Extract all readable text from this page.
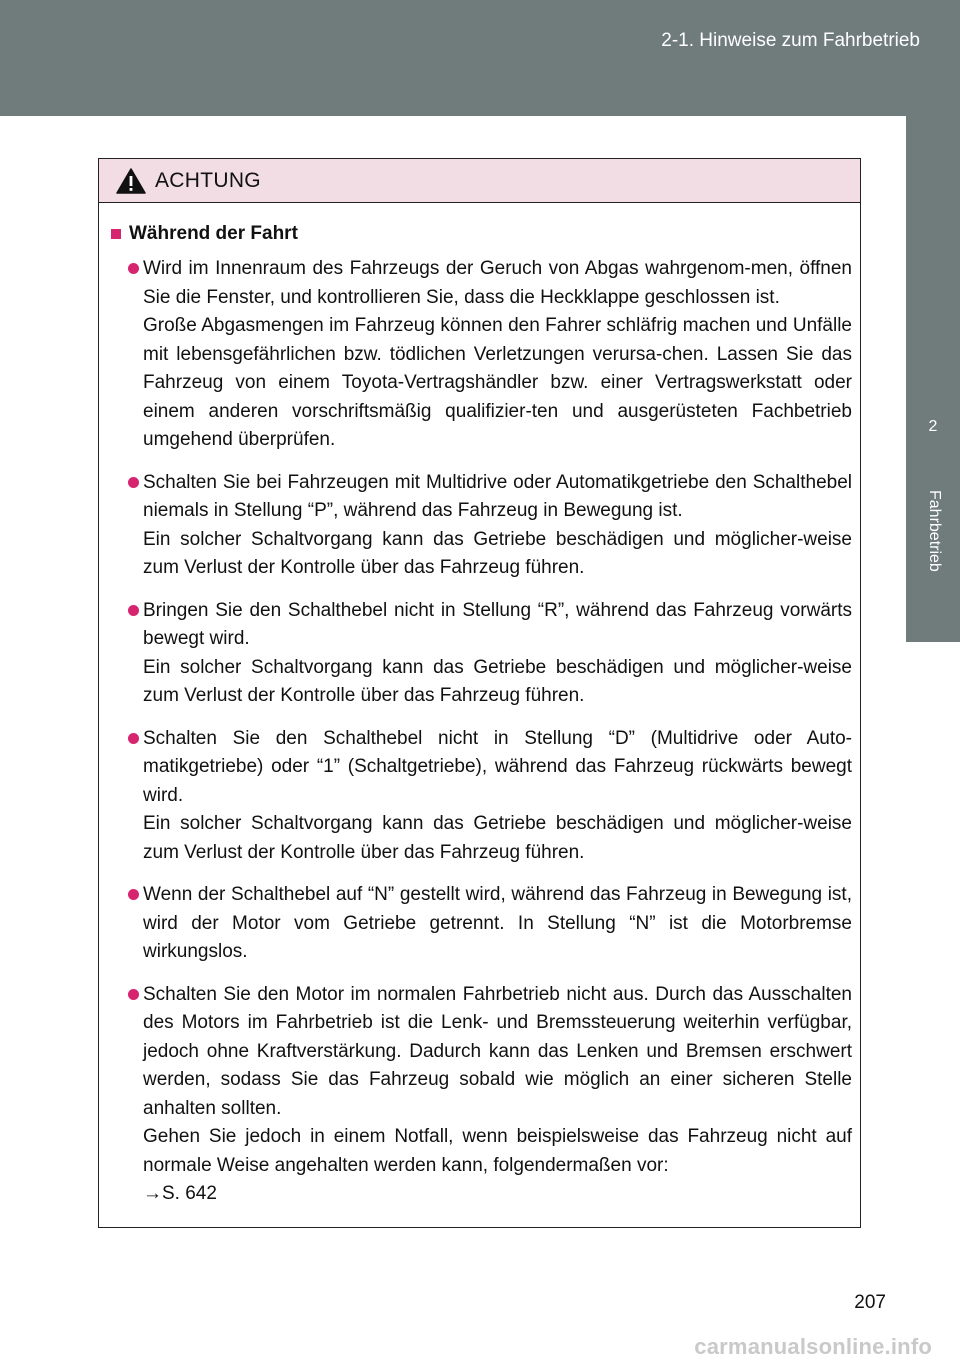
2-1. Hinweise zum Fahrbetrieb
2
Fahrbetrieb
ACHTUNG
Während der Fahrt

Wird im Innenraum des Fahrzeugs der Geruch von Abgas wahrgenom-men, öffnen Sie die Fenster, und kontrollieren Sie, dass die Heckklappe geschlossen ist.

Große Abgasmengen im Fahrzeug können den Fahrer schläfrig machen und Unfälle mit lebensgefährlichen bzw. tödlichen Verletzungen verursa-chen. Lassen Sie das Fahrzeug von einem Toyota-Vertragshändler bzw. einer Vertragswerkstatt oder einem anderen vorschriftsmäßig qualifizier-ten und ausgerüsteten Fachbetrieb umgehend überprüfen.

Schalten Sie bei Fahrzeugen mit Multidrive oder Automatikgetriebe den Schalthebel niemals in Stellung “P”, während das Fahrzeug in Bewegung ist.

Ein solcher Schaltvorgang kann das Getriebe beschädigen und möglicher-weise zum Verlust der Kontrolle über das Fahrzeug führen.

Bringen Sie den Schalthebel nicht in Stellung “R”, während das Fahrzeug vorwärts bewegt wird.

Ein solcher Schaltvorgang kann das Getriebe beschädigen und möglicher-weise zum Verlust der Kontrolle über das Fahrzeug führen.

Schalten Sie den Schalthebel nicht in Stellung “D” (Multidrive oder Auto-matikgetriebe) oder “1” (Schaltgetriebe), während das Fahrzeug rückwärts bewegt wird.

Ein solcher Schaltvorgang kann das Getriebe beschädigen und möglicher-weise zum Verlust der Kontrolle über das Fahrzeug führen.

Wenn der Schalthebel auf “N” gestellt wird, während das Fahrzeug in Bewegung ist, wird der Motor vom Getriebe getrennt. In Stellung “N” ist die Motorbremse wirkungslos.

Schalten Sie den Motor im normalen Fahrbetrieb nicht aus. Durch das Ausschalten des Motors im Fahrbetrieb ist die Lenk- und Bremssteuerung weiterhin verfügbar, jedoch ohne Kraftverstärkung. Dadurch kann das Lenken und Bremsen erschwert werden, sodass Sie das Fahrzeug sobald wie möglich an einer sicheren Stelle anhalten sollten.

Gehen Sie jedoch in einem Notfall, wenn beispielsweise das Fahrzeug nicht auf normale Weise angehalten werden kann, folgendermaßen vor:

→S. 642

207
carmanualsonline.info
